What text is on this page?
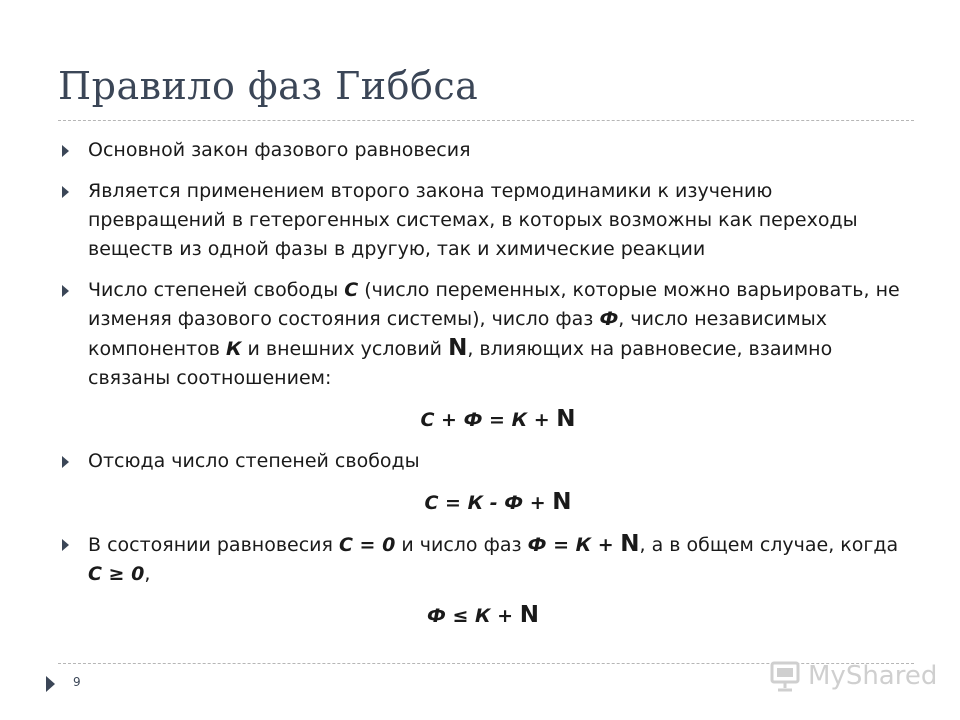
Правило фаз Гиббса
Основной закон фазового равновесия
Является применением второго закона термодинамики к изучению превращений в гетерогенных системах, в которых возможны как переходы веществ из одной фазы в другую, так и химические реакции
Число степеней свободы С (число переменных, которые можно варьировать, не изменяя фазового состояния системы), число фаз Ф, число независимых компонентов К и внешних условий N, влияющих на равновесие, взаимно связаны соотношением:
С + Ф = К + N
Отсюда число степеней свободы
С = К - Ф + N
В состоянии равновесия С = 0 и число фаз Ф = К + N, а в общем случае, когда С ≥ 0,
Ф ≤ К + N
9	MyShared
